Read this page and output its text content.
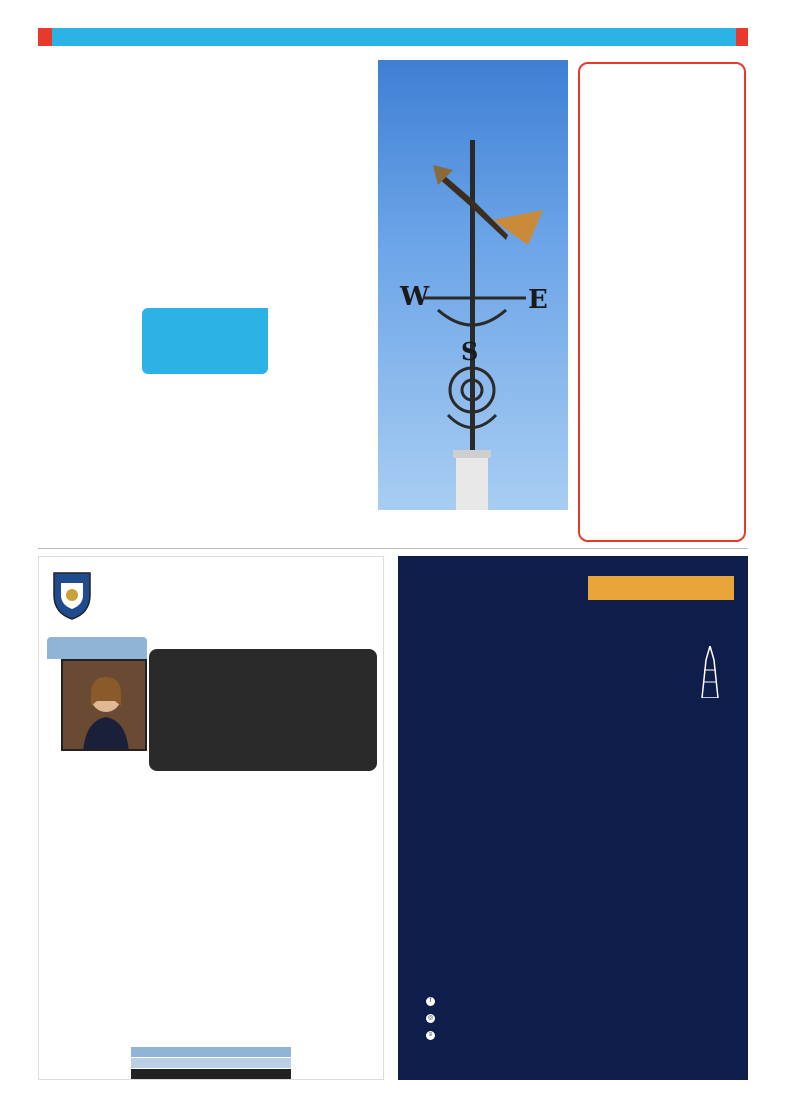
W	E
S

f
◎
≡
